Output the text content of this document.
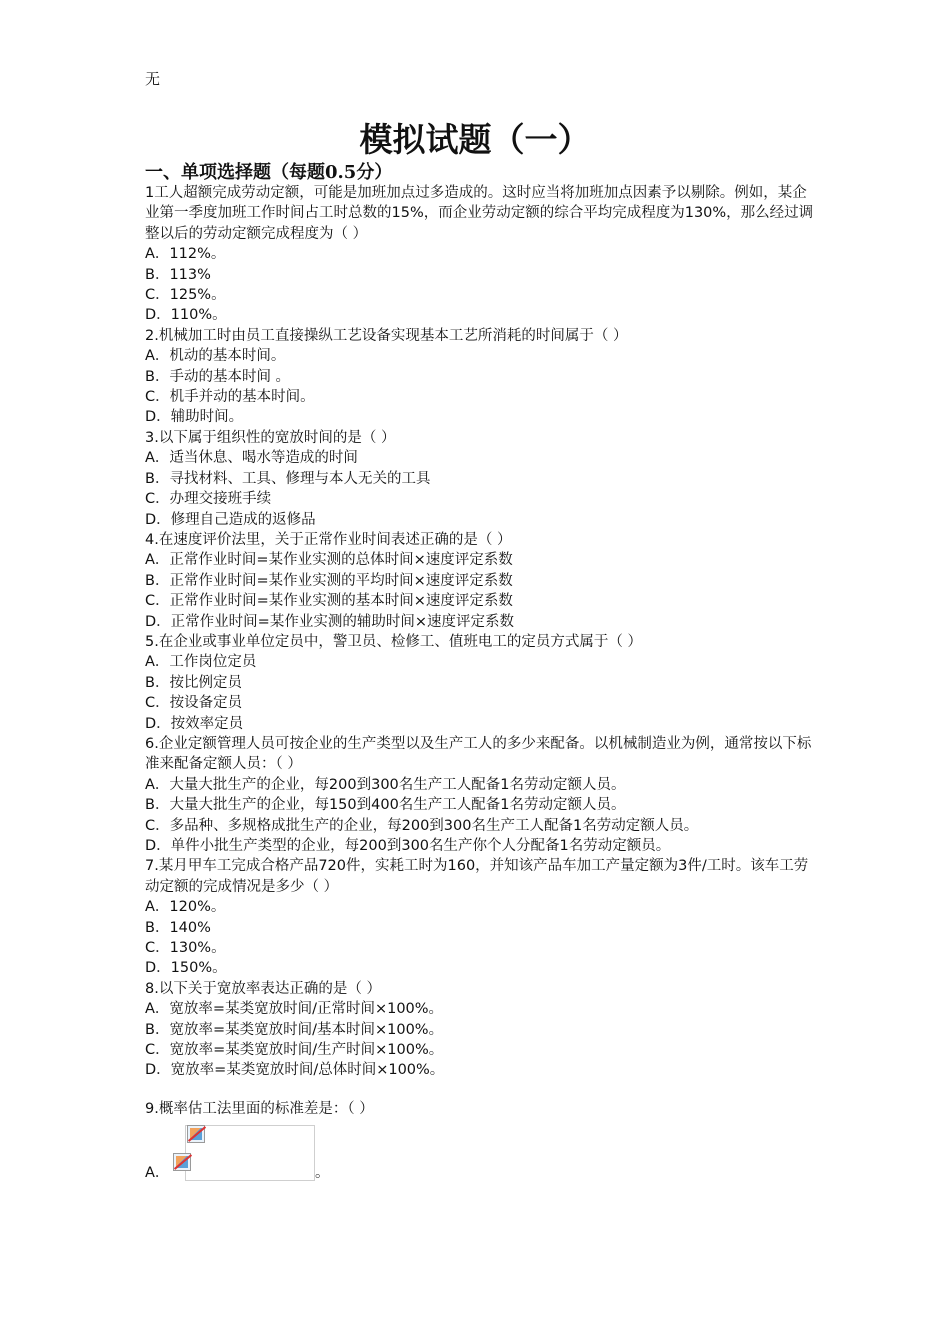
无
模拟试题（一）
一、单项选择题（每题0.5分）

1工人超额完成劳动定额，可能是加班加点过多造成的。这时应当将加班加点因素予以剔除。例如，某企业第一季度加班工作时间占工时总数的15%，而企业劳动定额的综合平均完成程度为130%，那么经过调整以后的劳动定额完成程度为（ ）

A．112%。

B．113%

C．125%。

D．110%。

2.机械加工时由员工直接操纵工艺设备实现基本工艺所消耗的时间属于（ ）

A．机动的基本时间。

B．手动的基本时间 。

C．机手并动的基本时间。

D．辅助时间。

3.以下属于组织性的宽放时间的是（ ）

A．适当休息、喝水等造成的时间

B．寻找材料、工具、修理与本人无关的工具

C．办理交接班手续

D．修理自己造成的返修品

4.在速度评价法里，关于正常作业时间表述正确的是（ ）

A．正常作业时间=某作业实测的总体时间×速度评定系数

B．正常作业时间=某作业实测的平均时间×速度评定系数

C．正常作业时间=某作业实测的基本时间×速度评定系数

D．正常作业时间=某作业实测的辅助时间×速度评定系数

5.在企业或事业单位定员中，警卫员、检修工、值班电工的定员方式属于（ ）

A．工作岗位定员

B．按比例定员

C．按设备定员

D．按效率定员

6.企业定额管理人员可按企业的生产类型以及生产工人的多少来配备。以机械制造业为例，通常按以下标准来配备定额人员：（ ）

A．大量大批生产的企业，每200到300名生产工人配备1名劳动定额人员。

B．大量大批生产的企业，每150到400名生产工人配备1名劳动定额人员。

C．多品种、多规格成批生产的企业，每200到300名生产工人配备1名劳动定额人员。

D．单件小批生产类型的企业，每200到300名生产你个人分配备1名劳动定额员。

7.某月甲车工完成合格产品720件，实耗工时为160，并知该产品车加工产量定额为3件/工时。该车工劳动定额的完成情况是多少（ ）

A．120%。

B．140%

C．130%。

D．150%。

8.以下关于宽放率表达正确的是（ ）

A．宽放率=某类宽放时间/正常时间×100%。

B．宽放率=某类宽放时间/基本时间×100%。

C．宽放率=某类宽放时间/生产时间×100%。

D．宽放率=某类宽放时间/总体时间×100%。

9.概率估工法里面的标准差是：（ ）

A．	。
